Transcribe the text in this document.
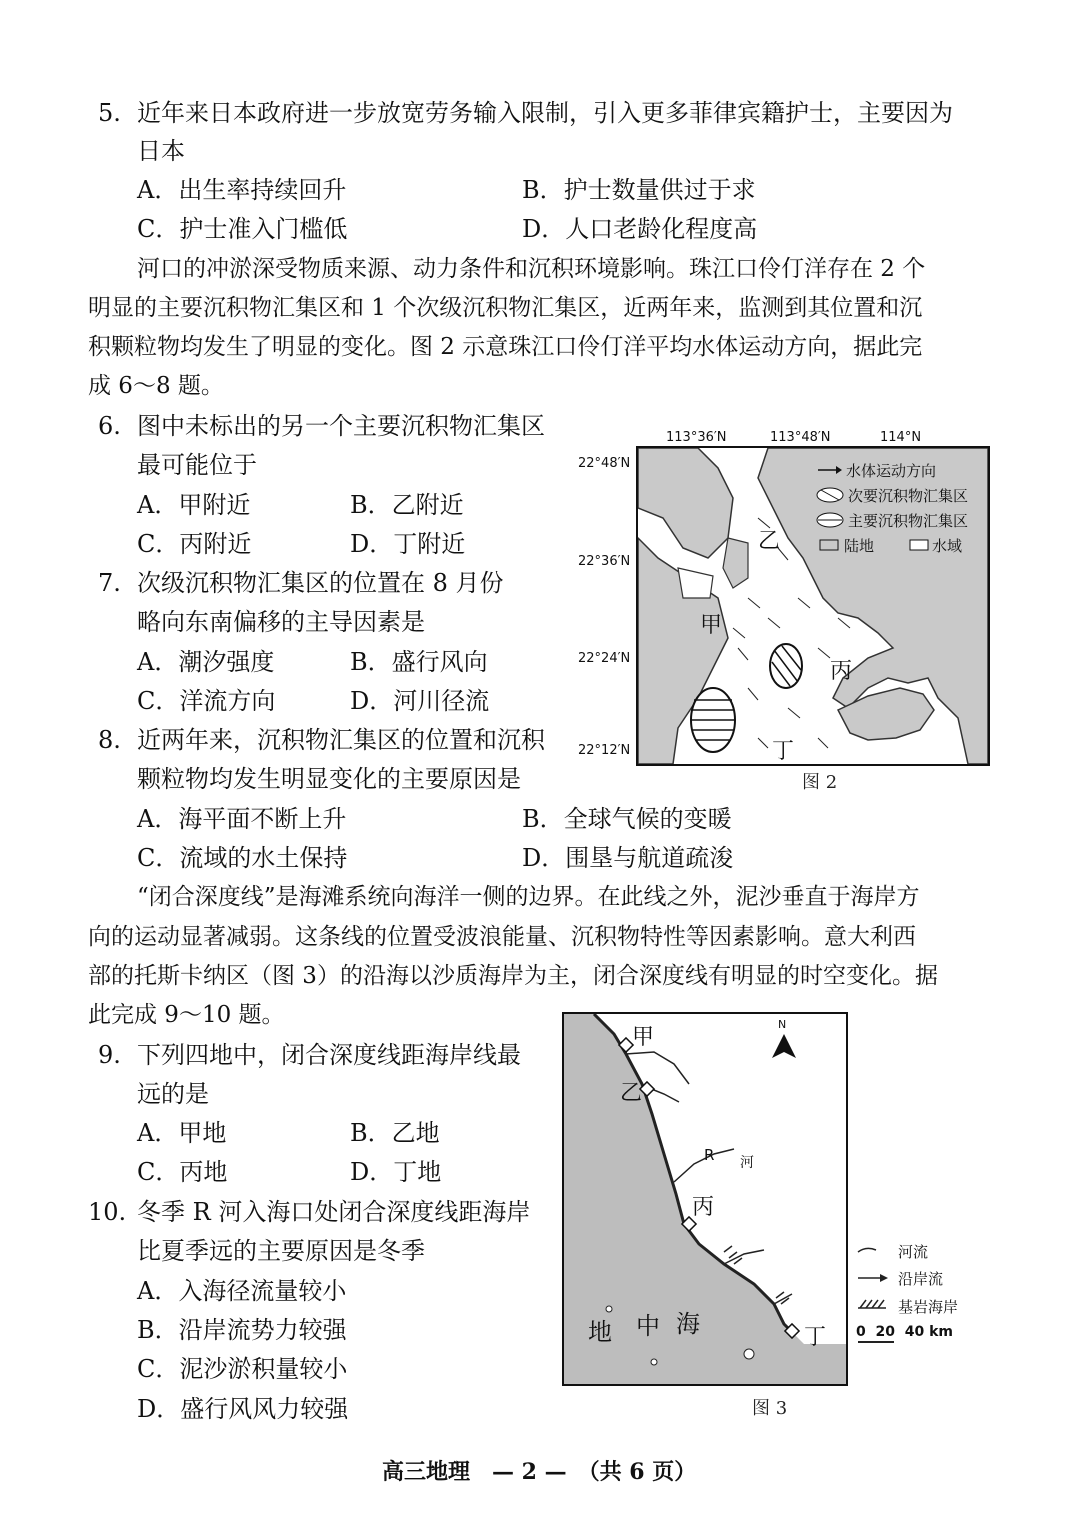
5. 近年来日本政府进一步放宽劳务输入限制，引入更多菲律宾籍护士，主要因为
日本
A．出生率持续回升	B．护士数量供过于求
C．护士准入门槛低	D．人口老龄化程度高
河口的冲淤深受物质来源、动力条件和沉积环境影响。珠江口伶仃洋存在 2 个
明显的主要沉积物汇集区和 1 个次级沉积物汇集区，近两年来，监测到其位置和沉
积颗粒物均发生了明显的变化。图 2 示意珠江口伶仃洋平均水体运动方向，据此完
成 6～8 题。
6. 图中未标出的另一个主要沉积物汇集区
最可能位于
A．甲附近	B．乙附近
C．丙附近	D．丁附近
7. 次级沉积物汇集区的位置在 8 月份
略向东南偏移的主导因素是
A．潮汐强度	B．盛行风向
C．洋流方向	D．河川径流
8. 近两年来，沉积物汇集区的位置和沉积
颗粒物均发生明显变化的主要原因是
A．海平面不断上升	B．全球气候的变暖
C．流域的水土保持	D．围垦与航道疏浚
113°36′N	113°48′N	114°N
22°48′N
22°36′N
22°24′N
22°12′N
水体运动方向
次要沉积物汇集区
主要沉积物汇集区
陆地	水域
甲
乙
丙
丁
图 2
“闭合深度线”是海滩系统向海洋一侧的边界。在此线之外，泥沙垂直于海岸方
向的运动显著减弱。这条线的位置受波浪能量、沉积物特性等因素影响。意大利西
部的托斯卡纳区（图 3）的沿海以沙质海岸为主，闭合深度线有明显的时空变化。据
此完成 9～10 题。
9. 下列四地中，闭合深度线距海岸线最
远的是
A．甲地	B．乙地
C．丙地	D．丁地
10. 冬季 R 河入海口处闭合深度线距海岸
比夏季远的主要原因是冬季
A．入海径流量较小
B．沿岸流势力较强
C．泥沙淤积量较小
D．盛行风风力较强
甲
乙
丙
丁
R 河
N
地 中 海
河流
沿岸流
基岩海岸
0  20  40 km
图 3
高三地理　— 2 —　（共 6 页）
